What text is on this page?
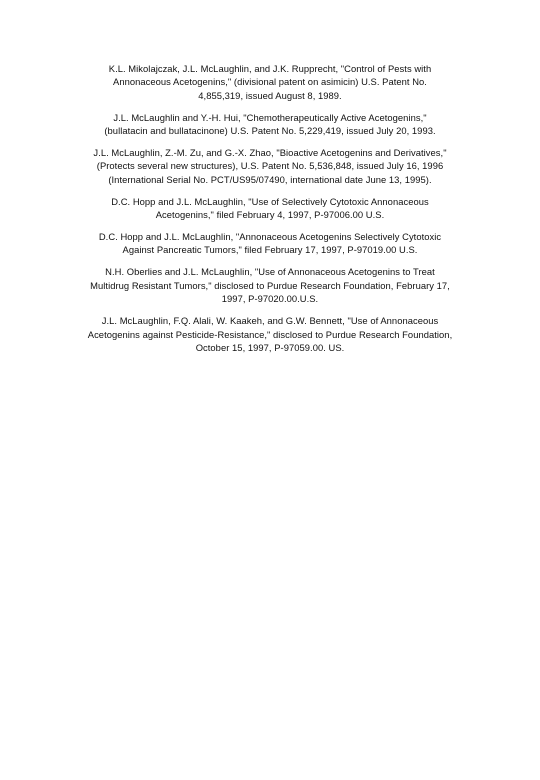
K.L. Mikolajczak, J.L. McLaughlin, and J.K. Rupprecht, "Control of Pests with
Annonaceous Acetogenins," (divisional patent on asimicin) U.S. Patent No.
4,855,319, issued August 8, 1989.
J.L. McLaughlin and Y.-H. Hui, "Chemotherapeutically Active Acetogenins,"
(bullatacin and bullatacinone) U.S. Patent No. 5,229,419, issued July 20, 1993.
J.L. McLaughlin, Z.-M. Zu, and G.-X. Zhao, "Bioactive Acetogenins and Derivatives,"
(Protects several new structures), U.S. Patent No. 5,536,848, issued July 16, 1996
(International Serial No. PCT/US95/07490, international date June 13, 1995).
D.C. Hopp and J.L. McLaughlin, "Use of Selectively Cytotoxic Annonaceous
Acetogenins," filed February 4, 1997, P-97006.00 U.S.
D.C. Hopp and J.L. McLaughlin, "Annonaceous Acetogenins Selectively Cytotoxic
Against Pancreatic Tumors," filed February 17, 1997, P-97019.00 U.S.
N.H. Oberlies and J.L. McLaughlin, "Use of Annonaceous Acetogenins to Treat
Multidrug Resistant Tumors," disclosed to Purdue Research Foundation, February 17,
1997, P-97020.00.U.S.
J.L. McLaughlin, F.Q. Alali, W. Kaakeh, and G.W. Bennett, "Use of Annonaceous
Acetogenins against Pesticide-Resistance," disclosed to Purdue Research Foundation,
October 15, 1997, P-97059.00. US.
